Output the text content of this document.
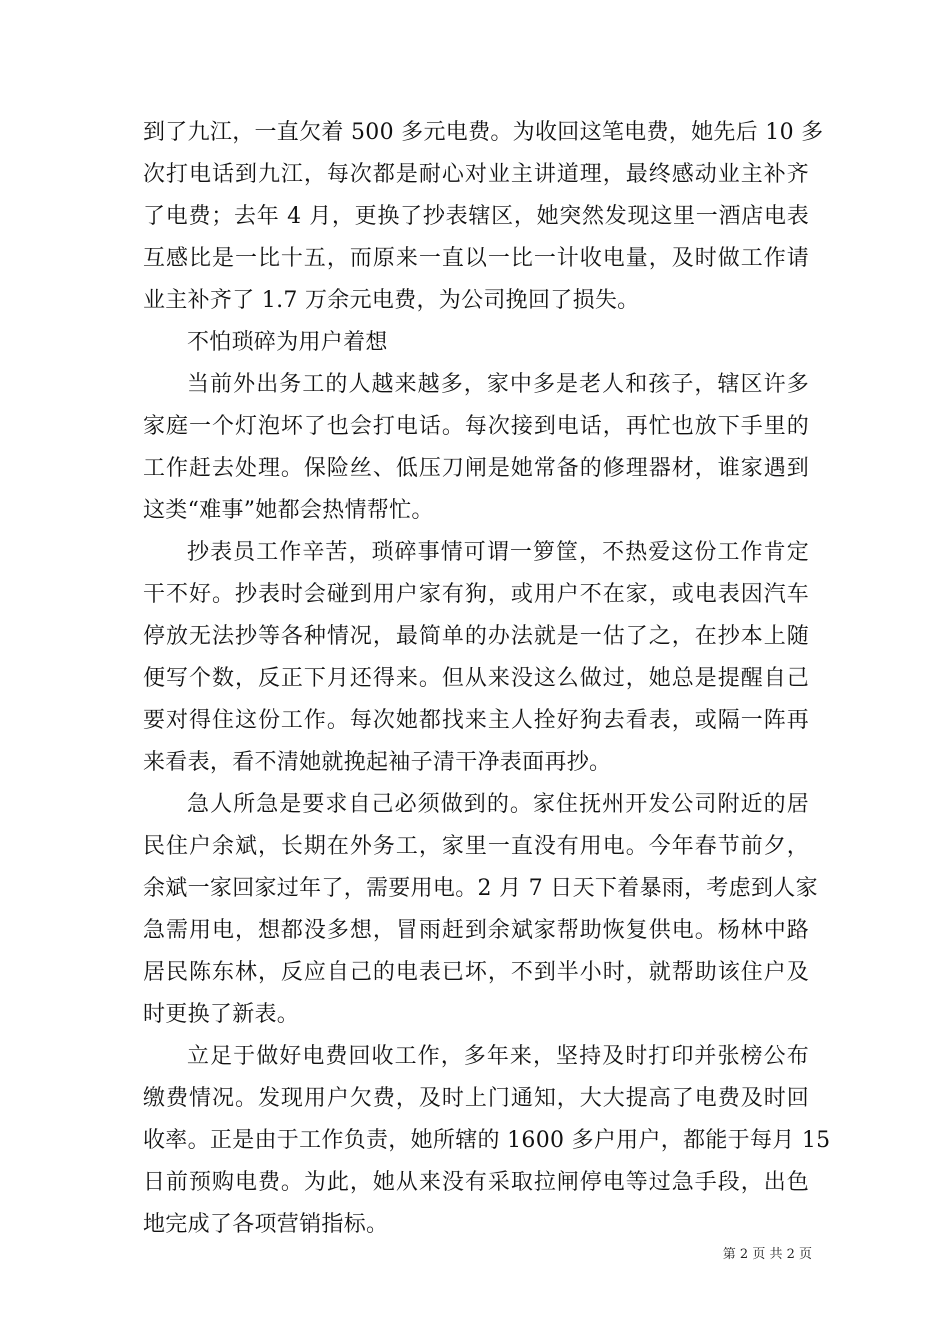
到了九江，一直欠着 500 多元电费。为收回这笔电费，她先后 10 多
次打电话到九江，每次都是耐心对业主讲道理，最终感动业主补齐
了电费；去年 4 月，更换了抄表辖区，她突然发现这里一酒店电表
互感比是一比十五，而原来一直以一比一计收电量，及时做工作请
业主补齐了 1.7 万余元电费，为公司挽回了损失。
不怕琐碎为用户着想
当前外出务工的人越来越多，家中多是老人和孩子，辖区许多
家庭一个灯泡坏了也会打电话。每次接到电话，再忙也放下手里的
工作赶去处理。保险丝、低压刀闸是她常备的修理器材，谁家遇到
这类“难事”她都会热情帮忙。
抄表员工作辛苦，琐碎事情可谓一箩筐，不热爱这份工作肯定
干不好。抄表时会碰到用户家有狗，或用户不在家，或电表因汽车
停放无法抄等各种情况，最简单的办法就是一估了之，在抄本上随
便写个数，反正下月还得来。但从来没这么做过，她总是提醒自己
要对得住这份工作。每次她都找来主人拴好狗去看表，或隔一阵再
来看表，看不清她就挽起袖子清干净表面再抄。
急人所急是要求自己必须做到的。家住抚州开发公司附近的居
民住户余斌，长期在外务工，家里一直没有用电。今年春节前夕，
余斌一家回家过年了，需要用电。2 月 7 日天下着暴雨，考虑到人家
急需用电，想都没多想，冒雨赶到余斌家帮助恢复供电。杨林中路
居民陈东林，反应自己的电表已坏，不到半小时，就帮助该住户及
时更换了新表。
立足于做好电费回收工作，多年来，坚持及时打印并张榜公布
缴费情况。发现用户欠费，及时上门通知，大大提高了电费及时回
收率。正是由于工作负责，她所辖的 1600 多户用户，都能于每月 15
日前预购电费。为此，她从来没有采取拉闸停电等过急手段，出色
地完成了各项营销指标。
第 2 页 共 2 页
